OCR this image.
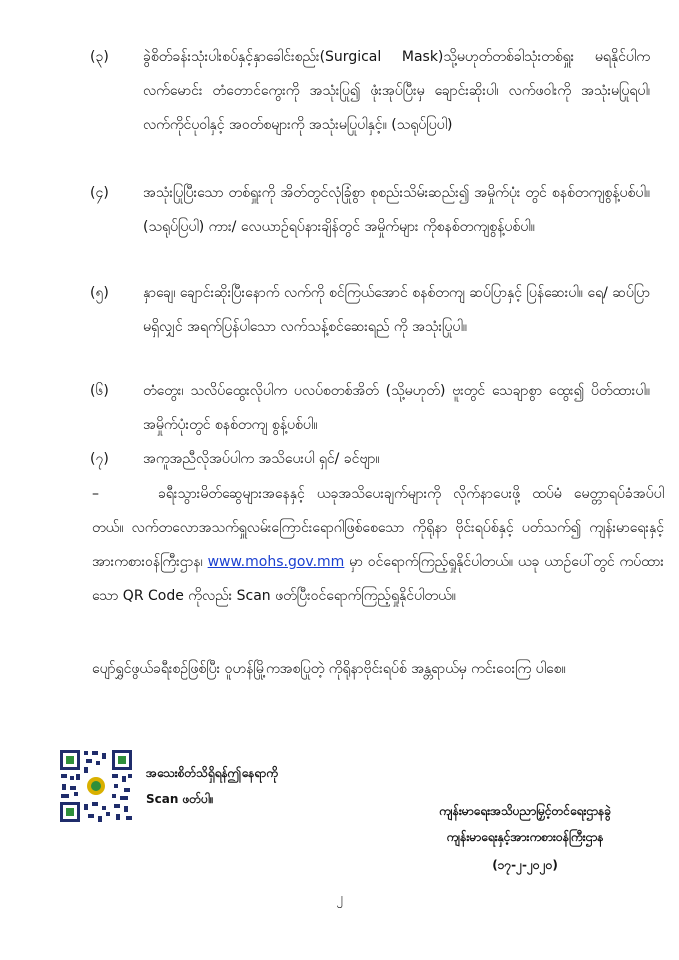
(၃)	ခွဲစိတ်ခန်းသုံးပါးစပ်နှင့်နှာခေါင်းစည်း(Surgical Mask)သို့မဟုတ်တစ်ခါသုံးတစ်ရှူး မရနိုင်ပါက လက်မောင်း တံတောင်ကွေးကို အသုံးပြု၍ ဖုံးအုပ်ပြီးမှ ချောင်းဆိုးပါ၊ လက်ဖဝါးကို အသုံးမပြုရပါ၊ လက်ကိုင်ပုဝါနှင့် အဝတ်စများကို အသုံးမပြုပါနှင့်။ (သရုပ်ပြပါ)
(၄)	အသုံးပြုပြီးသော တစ်ရှူးကို အိတ်တွင်လုံခြုံစွာ စုစည်းသိမ်းဆည်း၍ အမှိုက်ပုံး တွင် စနစ်တကျစွန့်ပစ်ပါ။ (သရုပ်ပြပါ) ကား/ လေယာဉ်ရပ်နားချိန်တွင် အမှိုက်များ ကိုစနစ်တကျစွန့်ပစ်ပါ။
(၅)	နှာချေ၊ ချောင်းဆိုးပြီးနောက် လက်ကို စင်ကြယ်အောင် စနစ်တကျ ဆပ်ပြာနှင့် ပြန်ဆေးပါ။ ရေ/ ဆပ်ပြာမရှိလျှင် အရက်ပြန်ပါသော လက်သန့်စင်ဆေးရည် ကို အသုံးပြုပါ။
(၆)	တံတွေး၊ သလိပ်ထွေးလိုပါက ပလပ်စတစ်အိတ် (သို့မဟုတ်) ဗူးတွင် သေချာစွာ ထွေး၍ ပိတ်ထားပါ။ အမှိုက်ပုံးတွင် စနစ်တကျ စွန့်ပစ်ပါ။
(၇)	အကူအညီလိုအပ်ပါက အသိပေးပါ ရှင်/ ခင်ဗျာ။
–	ခရီးသွားမိတ်ဆွေများအနေနှင့် ယခုအသိပေးချက်များကို လိုက်နာပေးဖို့ ထပ်မံ မေတ္တာရပ်ခံအပ်ပါတယ်။ လက်တလောအသက်ရှူလမ်းကြောင်းရောဂါဖြစ်စေသော ကိုရိုနာ ဗိုင်းရပ်စ်နှင့် ပတ်သက်၍ ကျန်းမာရေးနှင့်အားကစားဝန်ကြီးဌာန၊ www.mohs.gov.mm မှာ ဝင်ရောက်ကြည့်ရှုနိုင်ပါတယ်။ ယခု ယာဉ်ပေါ်တွင် ကပ်ထားသော QR Code ကိုလည်း Scan ဖတ်ပြီးဝင်ရောက်ကြည့်ရှုနိုင်ပါတယ်။
ပျော်ရွှင်ဖွယ်ခရီးစဉ်ဖြစ်ပြီး ဝူဟန်မြို့ကအစပြုတဲ့ ကိုရိုနာဗိုင်းရပ်စ် အန္တရာယ်မှ ကင်းဝေးကြ ပါစေ။
အသေးစိတ်သိရှိရန်ဤနေရာကို
Scan ဖတ်ပါ။
ကျန်းမာရေးအသိပညာမြှင့်တင်ရေးဌာနခွဲ
ကျန်းမာရေးနှင့်အားကစားဝန်ကြီးဌာန
(၁၇-၂-၂၀၂၀)
၂
